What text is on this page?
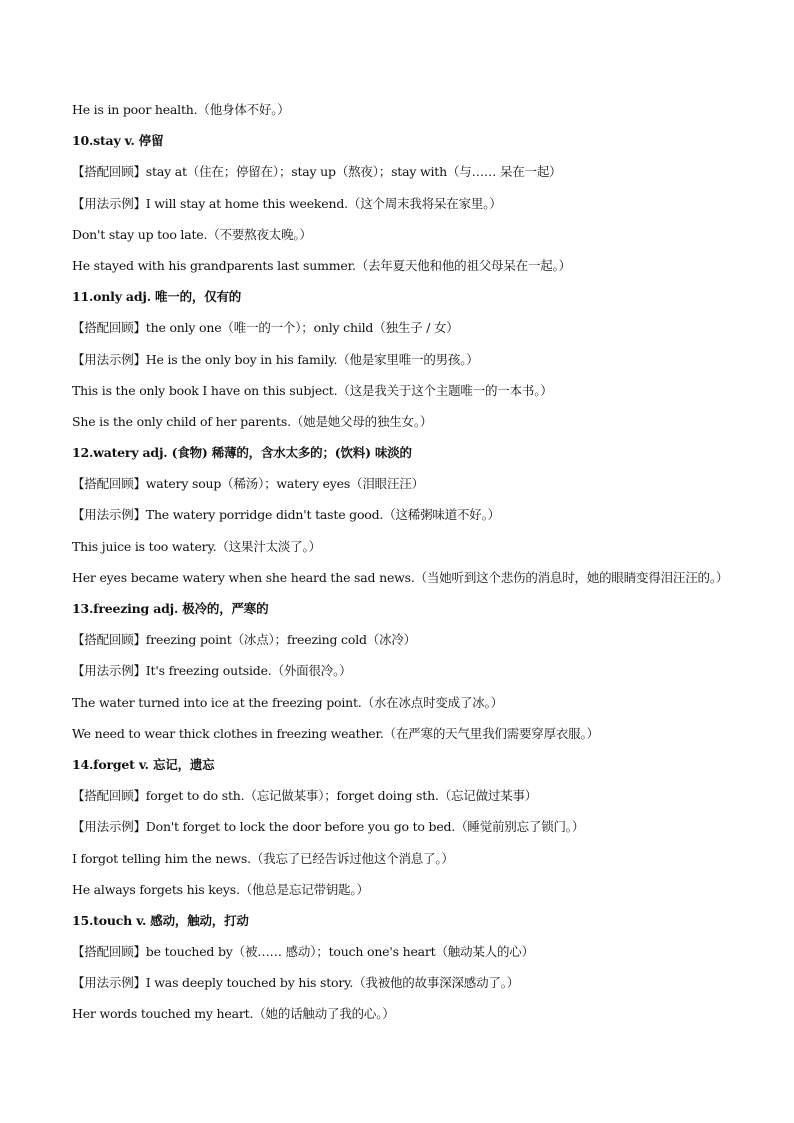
He is in poor health.（他身体不好。）
10.stay v. 停留
【搭配回顾】stay at（住在；停留在）；stay up（熬夜）；stay with（与…… 呆在一起）
【用法示例】I will stay at home this weekend.（这个周末我将呆在家里。）
Don't stay up too late.（不要熬夜太晚。）
He stayed with his grandparents last summer.（去年夏天他和他的祖父母呆在一起。）
11.only adj. 唯一的，仅有的
【搭配回顾】the only one（唯一的一个）；only child（独生子 / 女）
【用法示例】He is the only boy in his family.（他是家里唯一的男孩。）
This is the only book I have on this subject.（这是我关于这个主题唯一的一本书。）
She is the only child of her parents.（她是她父母的独生女。）
12.watery adj. (食物) 稀薄的，含水太多的；(饮料) 味淡的
【搭配回顾】watery soup（稀汤）；watery eyes（泪眼汪汪）
【用法示例】The watery porridge didn't taste good.（这稀粥味道不好。）
This juice is too watery.（这果汁太淡了。）
Her eyes became watery when she heard the sad news.（当她听到这个悲伤的消息时，她的眼睛变得泪汪汪的。）
13.freezing adj. 极冷的，严寒的
【搭配回顾】freezing point（冰点）；freezing cold（冰冷）
【用法示例】It's freezing outside.（外面很冷。）
The water turned into ice at the freezing point.（水在冰点时变成了冰。）
We need to wear thick clothes in freezing weather.（在严寒的天气里我们需要穿厚衣服。）
14.forget v. 忘记，遗忘
【搭配回顾】forget to do sth.（忘记做某事）；forget doing sth.（忘记做过某事）
【用法示例】Don't forget to lock the door before you go to bed.（睡觉前别忘了锁门。）
I forgot telling him the news.（我忘了已经告诉过他这个消息了。）
He always forgets his keys.（他总是忘记带钥匙。）
15.touch v. 感动，触动，打动
【搭配回顾】be touched by（被…… 感动）；touch one's heart（触动某人的心）
【用法示例】I was deeply touched by his story.（我被他的故事深深感动了。）
Her words touched my heart.（她的话触动了我的心。）
